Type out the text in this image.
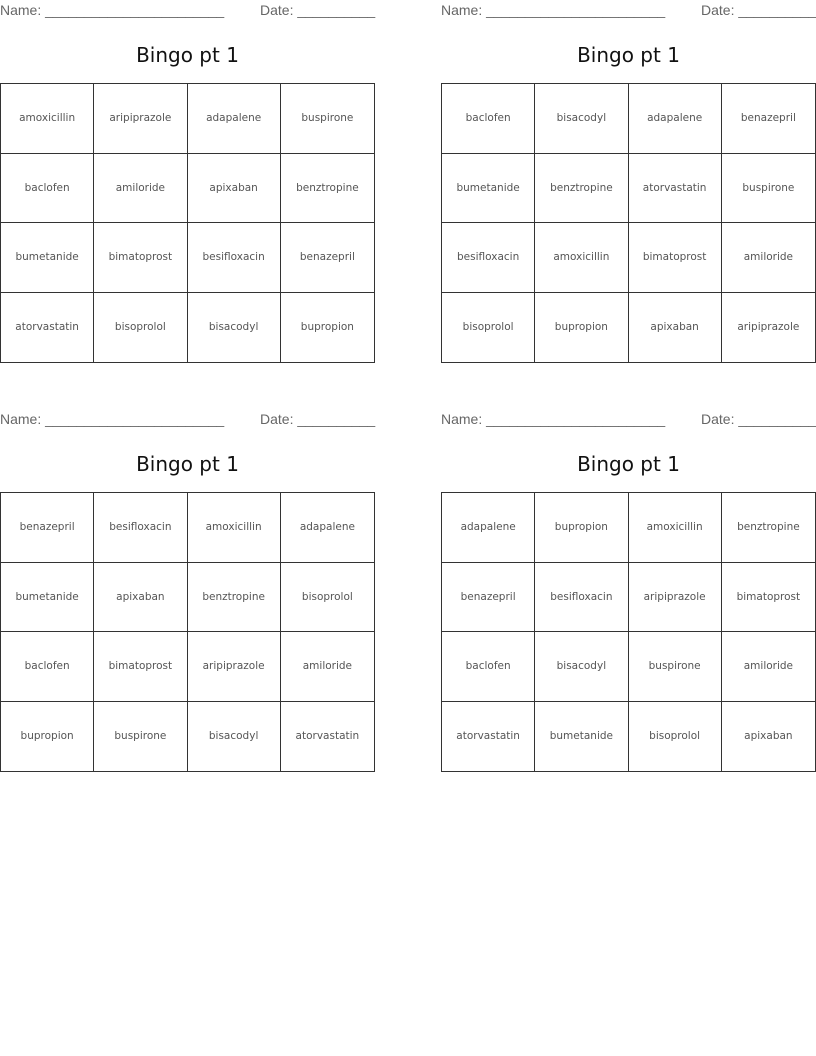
Name: _______________________	Date: __________
Bingo pt 1
amoxicillin	aripiprazole	adapalene	buspirone
baclofen	amiloride	apixaban	benztropine
bumetanide	bimatoprost	besifloxacin	benazepril
atorvastatin	bisoprolol	bisacodyl	bupropion
Name: _______________________	Date: __________
Bingo pt 1
baclofen	bisacodyl	adapalene	benazepril
bumetanide	benztropine	atorvastatin	buspirone
besifloxacin	amoxicillin	bimatoprost	amiloride
bisoprolol	bupropion	apixaban	aripiprazole
Name: _______________________	Date: __________
Bingo pt 1
benazepril	besifloxacin	amoxicillin	adapalene
bumetanide	apixaban	benztropine	bisoprolol
baclofen	bimatoprost	aripiprazole	amiloride
bupropion	buspirone	bisacodyl	atorvastatin
Name: _______________________	Date: __________
Bingo pt 1
adapalene	bupropion	amoxicillin	benztropine
benazepril	besifloxacin	aripiprazole	bimatoprost
baclofen	bisacodyl	buspirone	amiloride
atorvastatin	bumetanide	bisoprolol	apixaban
